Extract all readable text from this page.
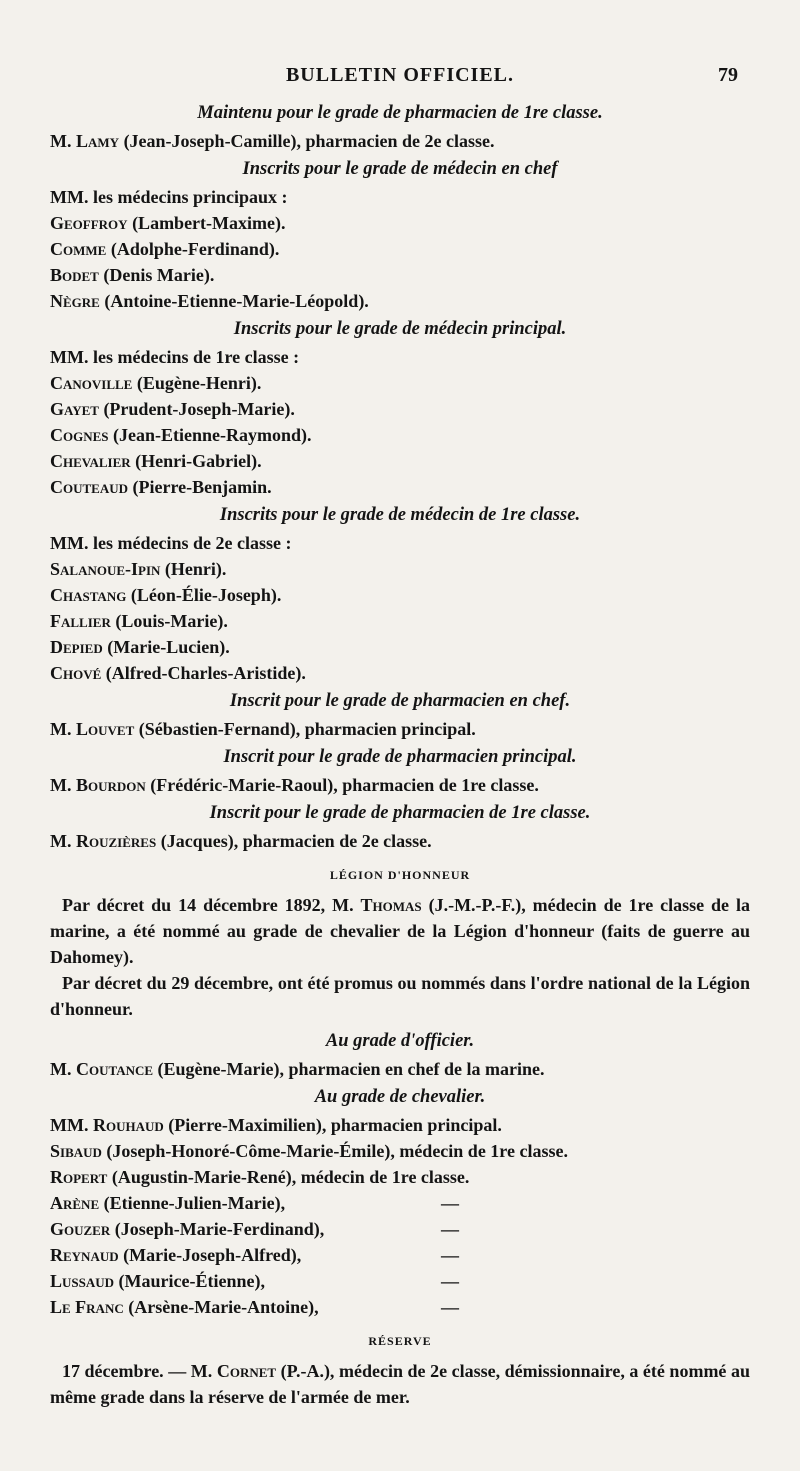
BULLETIN OFFICIEL.	79
Maintenu pour le grade de pharmacien de 1re classe.
M. Lamy (Jean-Joseph-Camille), pharmacien de 2e classe.
Inscrits pour le grade de médecin en chef
MM. les médecins principaux :
Geoffroy (Lambert-Maxime).
Comme (Adolphe-Ferdinand).
Bodet (Denis Marie).
Nègre (Antoine-Etienne-Marie-Léopold).
Inscrits pour le grade de médecin principal.
MM. les médecins de 1re classe :
Canoville (Eugène-Henri).
Gayet (Prudent-Joseph-Marie).
Cognes (Jean-Etienne-Raymond).
Chevalier (Henri-Gabriel).
Couteaud (Pierre-Benjamin.
Inscrits pour le grade de médecin de 1re classe.
MM. les médecins de 2e classe :
Salanoue-Ipin (Henri).
Chastang (Léon-Élie-Joseph).
Fallier (Louis-Marie).
Depied (Marie-Lucien).
Chové (Alfred-Charles-Aristide).
Inscrit pour le grade de pharmacien en chef.
M. Louvet (Sébastien-Fernand), pharmacien principal.
Inscrit pour le grade de pharmacien principal.
M. Bourdon (Frédéric-Marie-Raoul), pharmacien de 1re classe.
Inscrit pour le grade de pharmacien de 1re classe.
M. Rouzières (Jacques), pharmacien de 2e classe.
LÉGION D'HONNEUR

Par décret du 14 décembre 1892, M. Thomas (J.-M.-P.-F.), médecin de 1re classe de la marine, a été nommé au grade de chevalier de la Légion d'honneur (faits de guerre au Dahomey).

Par décret du 29 décembre, ont été promus ou nommés dans l'ordre national de la Légion d'honneur.

Au grade d'officier.
M. Coutance (Eugène-Marie), pharmacien en chef de la marine.
Au grade de chevalier.
MM. Rouhaud (Pierre-Maximilien), pharmacien principal.
Sibaud (Joseph-Honoré-Côme-Marie-Émile), médecin de 1re classe.
Ropert (Augustin-Marie-René), médecin de 1re classe.
Arène (Etienne-Julien-Marie),	—
Gouzer (Joseph-Marie-Ferdinand),	—
Reynaud (Marie-Joseph-Alfred),	—
Lussaud (Maurice-Étienne),	—
Le Franc (Arsène-Marie-Antoine),	—
RÉSERVE

17 décembre. — M. Cornet (P.-A.), médecin de 2e classe, démissionnaire, a été nommé au même grade dans la réserve de l'armée de mer.
